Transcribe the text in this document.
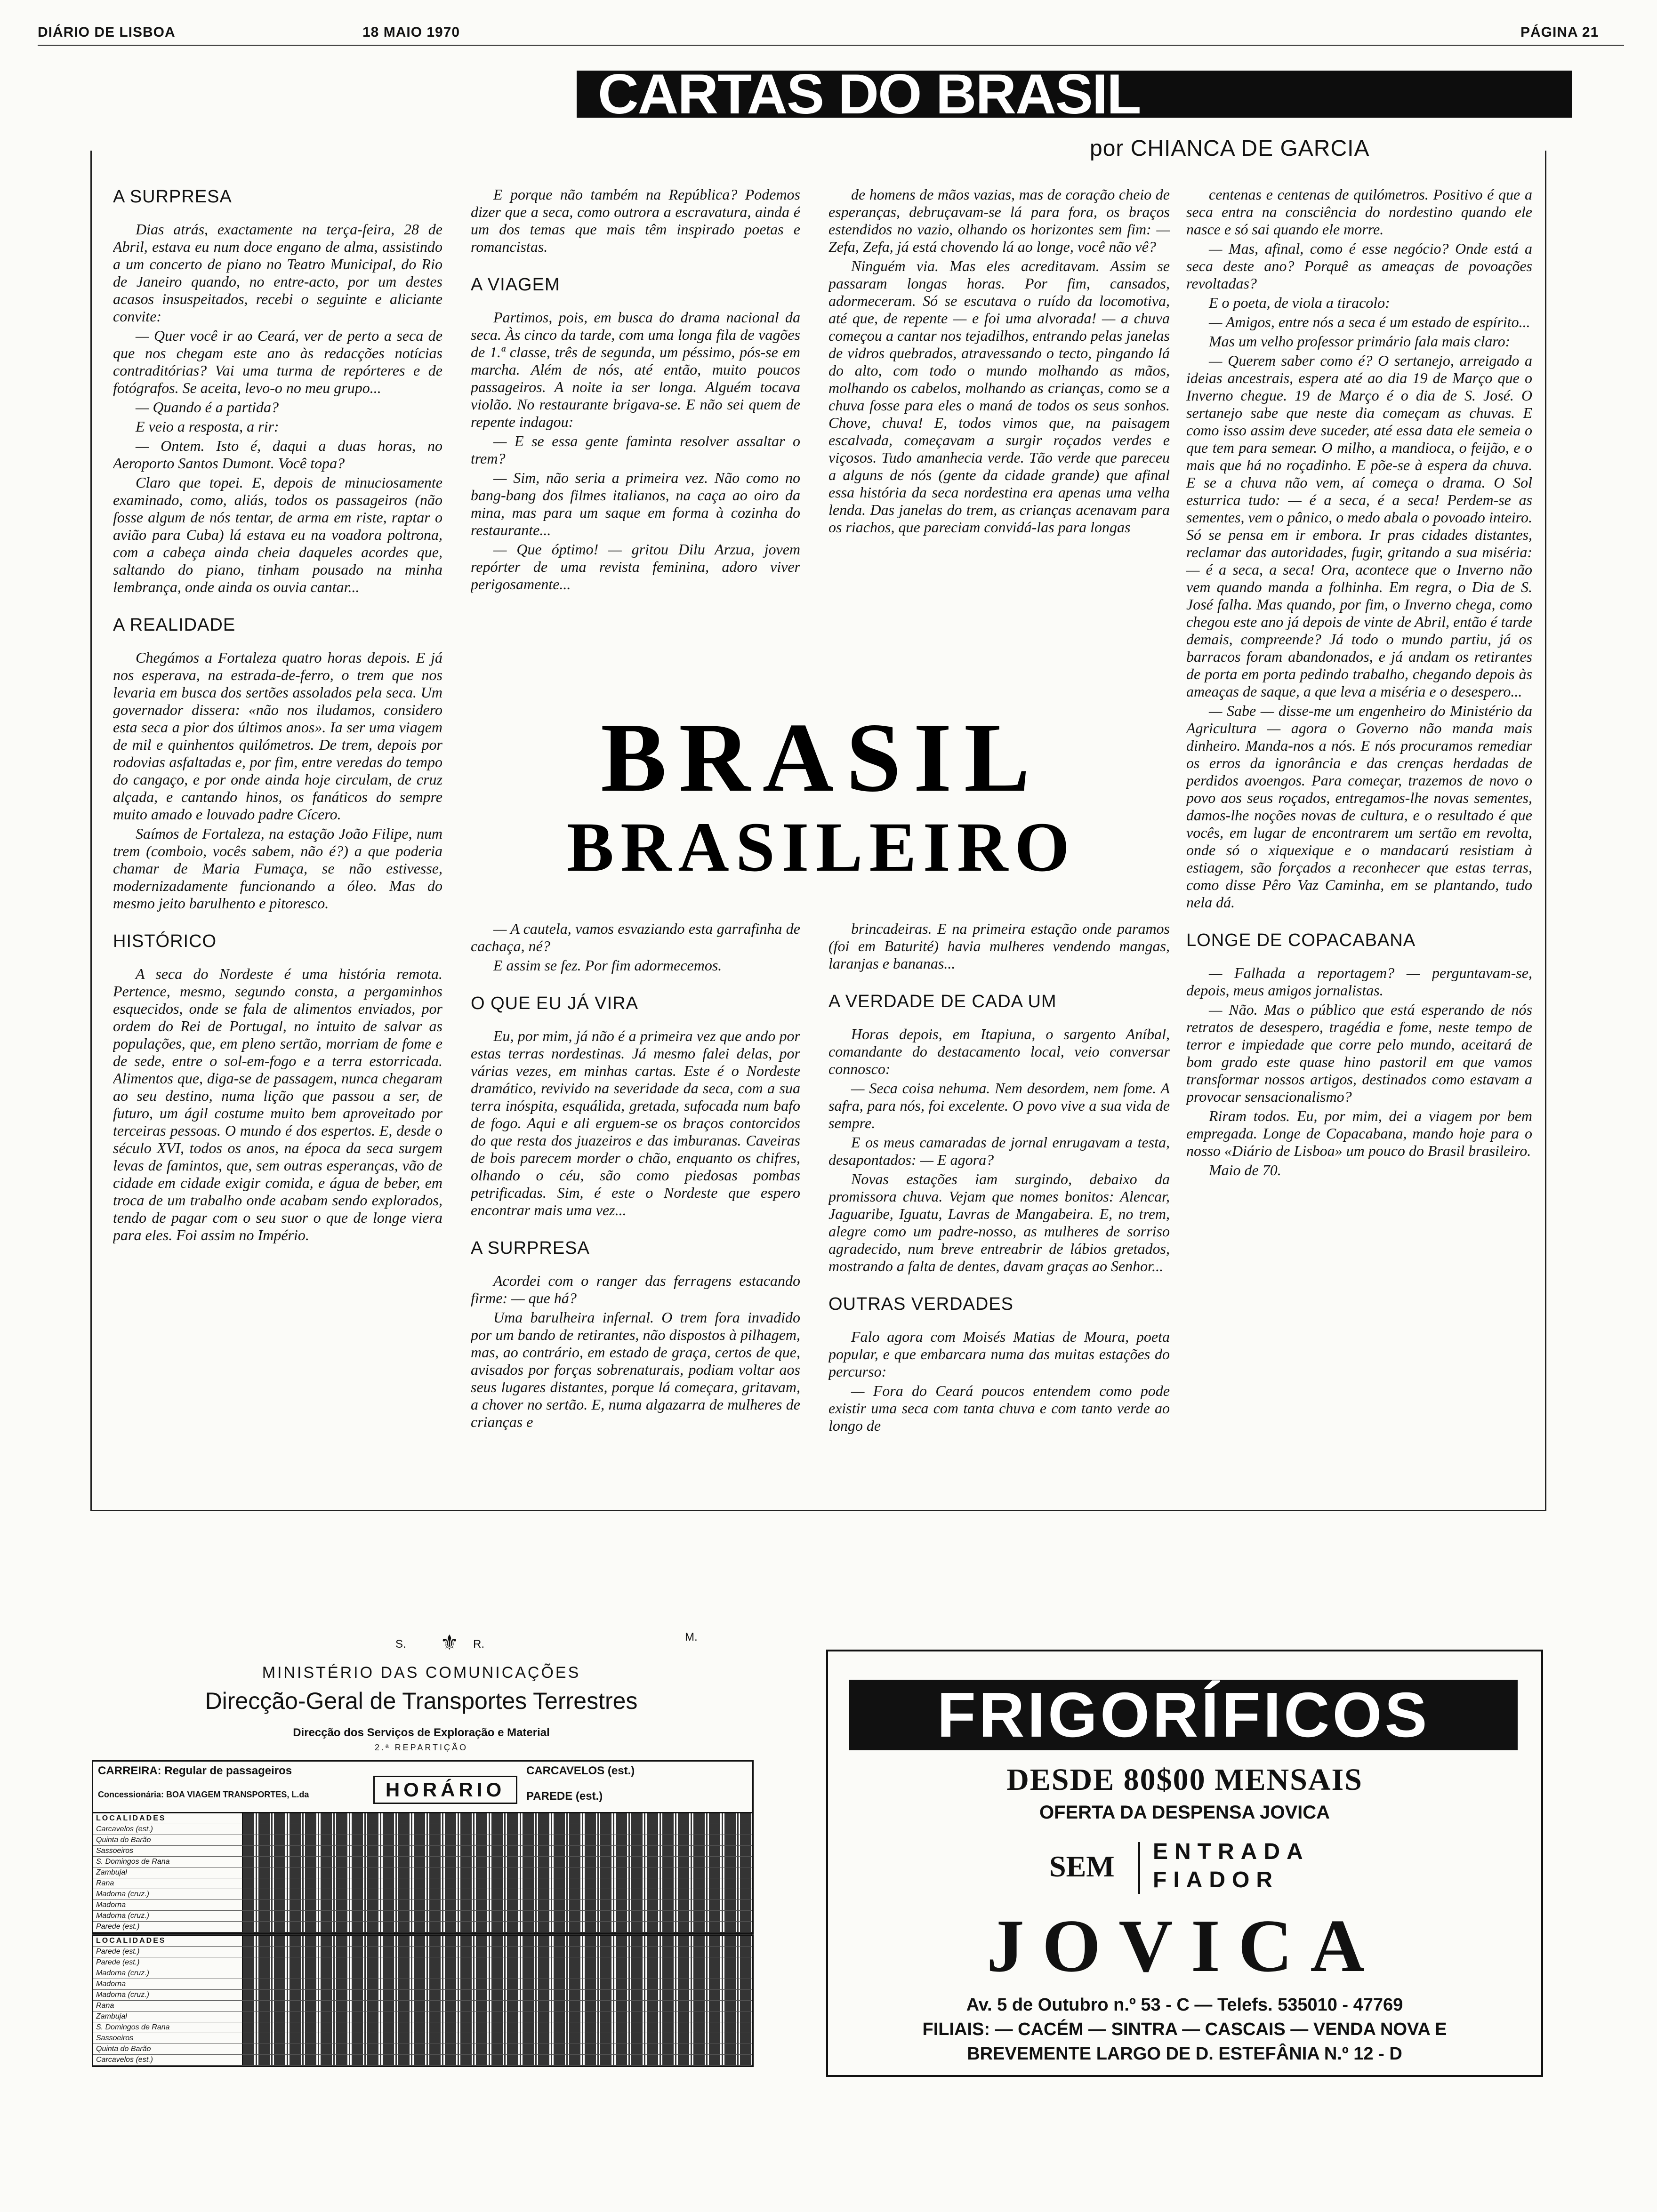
DIÁRIO DE LISBOA	18 MAIO 1970	PÁGINA 21
CARTAS DO BRASIL
por CHIANCA DE GARCIA
A SURPRESA

Dias atrás, exactamente na terça-feira, 28 de Abril, estava eu num doce engano de alma, assistindo a um concerto de piano no Teatro Municipal, do Rio de Janeiro quando, no entre-acto, por um destes acasos insuspeitados, recebi o seguinte e aliciante convite:

— Quer você ir ao Ceará, ver de perto a seca de que nos chegam este ano às redacções notícias contraditórias? Vai uma turma de repórteres e de fotógrafos. Se aceita, levo-o no meu grupo...

— Quando é a partida?

E veio a resposta, a rir:

— Ontem. Isto é, daqui a duas horas, no Aeroporto Santos Dumont. Você topa?

Claro que topei. E, depois de minuciosamente examinado, como, aliás, todos os passageiros (não fosse algum de nós tentar, de arma em riste, raptar o avião para Cuba) lá estava eu na voadora poltrona, com a cabeça ainda cheia daqueles acordes que, saltando do piano, tinham pousado na minha lembrança, onde ainda os ouvia cantar...

A REALIDADE

Chegámos a Fortaleza quatro horas depois. E já nos esperava, na estrada-de-ferro, o trem que nos levaria em busca dos sertões assolados pela seca. Um governador dissera: «não nos iludamos, considero esta seca a pior dos últimos anos». Ia ser uma viagem de mil e quinhentos quilómetros. De trem, depois por rodovias asfaltadas e, por fim, entre veredas do tempo do cangaço, e por onde ainda hoje circulam, de cruz alçada, e cantando hinos, os fanáticos do sempre muito amado e louvado padre Cícero.

Saímos de Fortaleza, na estação João Filipe, num trem (comboio, vocês sabem, não é?) a que poderia chamar de Maria Fumaça, se não estivesse, modernizadamente funcionando a óleo. Mas do mesmo jeito barulhento e pitoresco.

HISTÓRICO

A seca do Nordeste é uma história remota. Pertence, mesmo, segundo consta, a pergaminhos esquecidos, onde se fala de alimentos enviados, por ordem do Rei de Portugal, no intuito de salvar as populações, que, em pleno sertão, morriam de fome e de sede, entre o sol-em-fogo e a terra estorricada. Alimentos que, diga-se de passagem, nunca chegaram ao seu destino, numa lição que passou a ser, de futuro, um ágil costume muito bem aproveitado por terceiras pessoas. O mundo é dos espertos. E, desde o século XVI, todos os anos, na época da seca surgem levas de famintos, que, sem outras esperanças, vão de cidade em cidade exigir comida, e água de beber, em troca de um trabalho onde acabam sendo explorados, tendo de pagar com o seu suor o que de longe viera para eles. Foi assim no Império.

E porque não também na República? Podemos dizer que a seca, como outrora a escravatura, ainda é um dos temas que mais têm inspirado poetas e romancistas.

A VIAGEM

Partimos, pois, em busca do drama nacional da seca. Às cinco da tarde, com uma longa fila de vagões de 1.ª classe, três de segunda, um péssimo, pós-se em marcha. Além de nós, até então, muito poucos passageiros. A noite ia ser longa. Alguém tocava violão. No restaurante brigava-se. E não sei quem de repente indagou:

— E se essa gente faminta resolver assaltar o trem?

— Sim, não seria a primeira vez. Não como no bang-bang dos filmes italianos, na caça ao oiro da mina, mas para um saque em forma à cozinha do restaurante...

— Que óptimo! — gritou Dilu Arzua, jovem repórter de uma revista feminina, adoro viver perigosamente...

de homens de mãos vazias, mas de coração cheio de esperanças, debruçavam-se lá para fora, os braços estendidos no vazio, olhando os horizontes sem fim: — Zefa, Zefa, já está chovendo lá ao longe, você não vê?

Ninguém via. Mas eles acreditavam. Assim se passaram longas horas. Por fim, cansados, adormeceram. Só se escutava o ruído da locomotiva, até que, de repente — e foi uma alvorada! — a chuva começou a cantar nos tejadilhos, entrando pelas janelas de vidros quebrados, atravessando o tecto, pingando lá do alto, com todo o mundo molhando as mãos, molhando os cabelos, molhando as crianças, como se a chuva fosse para eles o maná de todos os seus sonhos. Chove, chuva! E, todos vimos que, na paisagem escalvada, começavam a surgir roçados verdes e viçosos. Tudo amanhecia verde. Tão verde que pareceu a alguns de nós (gente da cidade grande) que afinal essa história da seca nordestina era apenas uma velha lenda. Das janelas do trem, as crianças acenavam para os riachos, que pareciam convidá-las para longas

centenas e centenas de quilómetros. Positivo é que a seca entra na consciência do nordestino quando ele nasce e só sai quando ele morre.

— Mas, afinal, como é esse negócio? Onde está a seca deste ano? Porquê as ameaças de povoações revoltadas?

E o poeta, de viola a tiracolo:

— Amigos, entre nós a seca é um estado de espírito...

Mas um velho professor primário fala mais claro:

— Querem saber como é? O sertanejo, arreigado a ideias ancestrais, espera até ao dia 19 de Março que o Inverno chegue. 19 de Março é o dia de S. José. O sertanejo sabe que neste dia começam as chuvas. E como isso assim deve suceder, até essa data ele semeia o que tem para semear. O milho, a mandioca, o feijão, e o mais que há no roçadinho. E põe-se à espera da chuva. E se a chuva não vem, aí começa o drama. O Sol esturrica tudo: — é a seca, é a seca! Perdem-se as sementes, vem o pânico, o medo abala o povoado inteiro. Só se pensa em ir embora. Ir pras cidades distantes, reclamar das autoridades, fugir, gritando a sua miséria: — é a seca, a seca! Ora, acontece que o Inverno não vem quando manda a folhinha. Em regra, o Dia de S. José falha. Mas quando, por fim, o Inverno chega, como chegou este ano já depois de vinte de Abril, então é tarde demais, compreende? Já todo o mundo partiu, já os barracos foram abandonados, e já andam os retirantes de porta em porta pedindo trabalho, chegando depois às ameaças de saque, a que leva a miséria e o desespero...

— Sabe — disse-me um engenheiro do Ministério da Agricultura — agora o Governo não manda mais dinheiro. Manda-nos a nós. E nós procuramos remediar os erros da ignorância e das crenças herdadas de perdidos avoengos. Para começar, trazemos de novo o povo aos seus roçados, entregamos-lhe novas sementes, damos-lhe noções novas de cultura, e o resultado é que vocês, em lugar de encontrarem um sertão em revolta, onde só o xiquexique e o mandacarú resistiam à estiagem, são forçados a reconhecer que estas terras, como disse Pêro Vaz Caminha, em se plantando, tudo nela dá.

LONGE DE COPACABANA

— Falhada a reportagem? — perguntavam-se, depois, meus amigos jornalistas.

— Não. Mas o público que está esperando de nós retratos de desespero, tragédia e fome, neste tempo de terror e impiedade que corre pelo mundo, aceitará de bom grado este quase hino pastoril em que vamos transformar nossos artigos, destinados como estavam a provocar sensacionalismo?

Riram todos. Eu, por mim, dei a viagem por bem empregada. Longe de Copacabana, mando hoje para o nosso «Diário de Lisboa» um pouco do Brasil brasileiro.

Maio de 70.

BRASIL
BRASILEIRO

— A cautela, vamos esvaziando esta garrafinha de cachaça, né?

E assim se fez. Por fim adormecemos.

O QUE EU JÁ VIRA

Eu, por mim, já não é a primeira vez que ando por estas terras nordestinas. Já mesmo falei delas, por várias vezes, em minhas cartas. Este é o Nordeste dramático, revivido na severidade da seca, com a sua terra inóspita, esquálida, gretada, sufocada num bafo de fogo. Aqui e ali erguem-se os braços contorcidos do que resta dos juazeiros e das imburanas. Caveiras de bois parecem morder o chão, enquanto os chifres, olhando o céu, são como piedosas pombas petrificadas. Sim, é este o Nordeste que espero encontrar mais uma vez...

A SURPRESA

Acordei com o ranger das ferragens estacando firme: — que há?

Uma barulheira infernal. O trem fora invadido por um bando de retirantes, não dispostos à pilhagem, mas, ao contrário, em estado de graça, certos de que, avisados por forças sobrenaturais, podiam voltar aos seus lugares distantes, porque lá começara, gritavam, a chover no sertão. E, numa algazarra de mulheres de crianças e

brincadeiras. E na primeira estação onde paramos (foi em Baturité) havia mulheres vendendo mangas, laranjas e bananas...

A VERDADE DE CADA UM

Horas depois, em Itapiuna, o sargento Aníbal, comandante do destacamento local, veio conversar connosco:

— Seca coisa nehuma. Nem desordem, nem fome. A safra, para nós, foi excelente. O povo vive a sua vida de sempre.

E os meus camaradas de jornal enrugavam a testa, desapontados: — E agora?

Novas estações iam surgindo, debaixo da promissora chuva. Vejam que nomes bonitos: Alencar, Jaguaribe, Iguatu, Lavras de Mangabeira. E, no trem, alegre como um padre-nosso, as mulheres de sorriso agradecido, num breve entreabrir de lábios gretados, mostrando a falta de dentes, davam graças ao Senhor...

OUTRAS VERDADES

Falo agora com Moisés Matias de Moura, poeta popular, e que embarcara numa das muitas estações do percurso:

— Fora do Ceará poucos entendem como pode existir uma seca com tanta chuva e com tanto verde ao longo de

S. ⚜ R.
M.
MINISTÉRIO DAS COMUNICAÇÕES
Direcção-Geral de Transportes Terrestres
Direcção dos Serviços de Exploração e Material
2.ª REPARTIÇÃO
CARREIRA: Regular de passageiros
Concessionária: BOA VIAGEM TRANSPORTES, L.da	HORÁRIO
CARCAVELOS (est.)
PAREDE (est.)
LOCALIDADES
Carcavelos (est.)
Quinta do Barão
Sassoeiros
S. Domingos de Rana
Zambujal
Rana
Madorna (cruz.)
Madorna
Madorna (cruz.)
Parede (est.)
LOCALIDADES
Parede (est.)
Parede (est.)
Madorna (cruz.)
Madorna
Madorna (cruz.)
Rana
Zambujal
S. Domingos de Rana
Sassoeiros
Quinta do Barão
Carcavelos (est.)
FRIGORÍFICOS
DESDE 80$00 MENSAIS
OFERTA DA DESPENSA JOVICA
SEM ENTRADA
FIADOR
JOVICA
Av. 5 de Outubro n.º 53 - C — Telefs. 535010 - 47769
FILIAIS: — CACÉM — SINTRA — CASCAIS — VENDA NOVA E
BREVEMENTE LARGO DE D. ESTEFÂNIA N.º 12 - D
